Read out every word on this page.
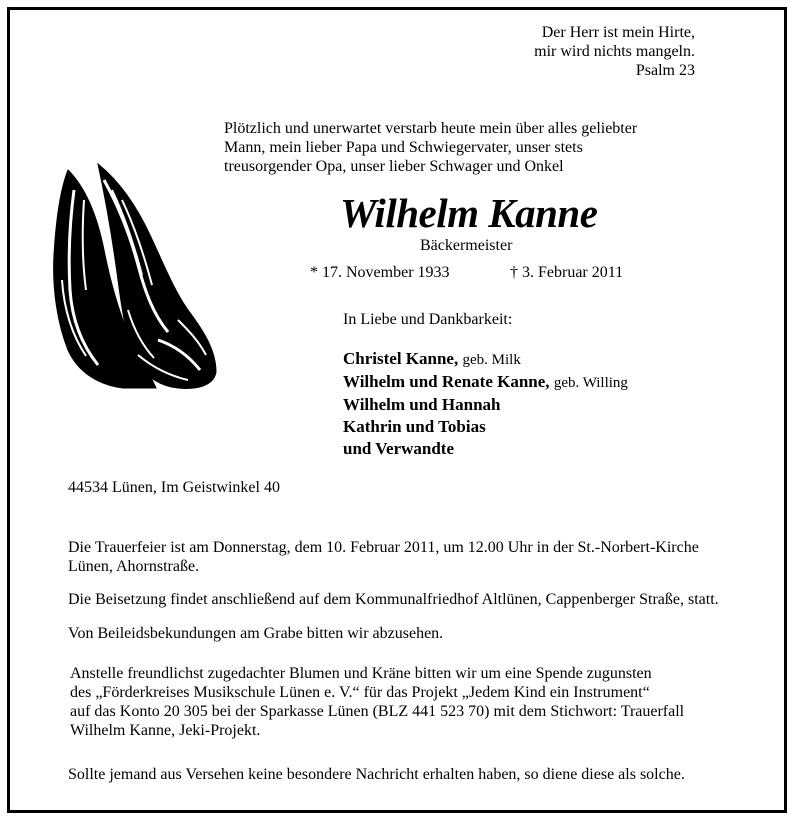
Der Herr ist mein Hirte,
mir wird nichts mangeln.
Psalm 23
Plötzlich und unerwartet verstarb heute mein über alles geliebter
Mann, mein lieber Papa und Schwiegervater, unser stets
treusorgender Opa, unser lieber Schwager und Onkel
Wilhelm Kanne
Bäckermeister
* 17. November 1933	† 3. Februar 2011
In Liebe und Dankbarkeit:
Christel Kanne, geb. Milk
Wilhelm und Renate Kanne, geb. Willing
Wilhelm und Hannah
Kathrin und Tobias
und Verwandte
44534 Lünen, Im Geistwinkel 40
Die Trauerfeier ist am Donnerstag, dem 10. Februar 2011, um 12.00 Uhr in der St.-Norbert-Kirche
Lünen, Ahornstraße.
Die Beisetzung findet anschließend auf dem Kommunalfriedhof Altlünen, Cappenberger Straße, statt.
Von Beileidsbekundungen am Grabe bitten wir abzusehen.
Anstelle freundlichst zugedachter Blumen und Kräne bitten wir um eine Spende zugunsten
des „Förderkreises Musikschule Lünen e. V.“ für das Projekt „Jedem Kind ein Instrument“
auf das Konto 20 305 bei der Sparkasse Lünen (BLZ 441 523 70) mit dem Stichwort: Trauerfall
Wilhelm Kanne, Jeki-Projekt.
Sollte jemand aus Versehen keine besondere Nachricht erhalten haben, so diene diese als solche.
